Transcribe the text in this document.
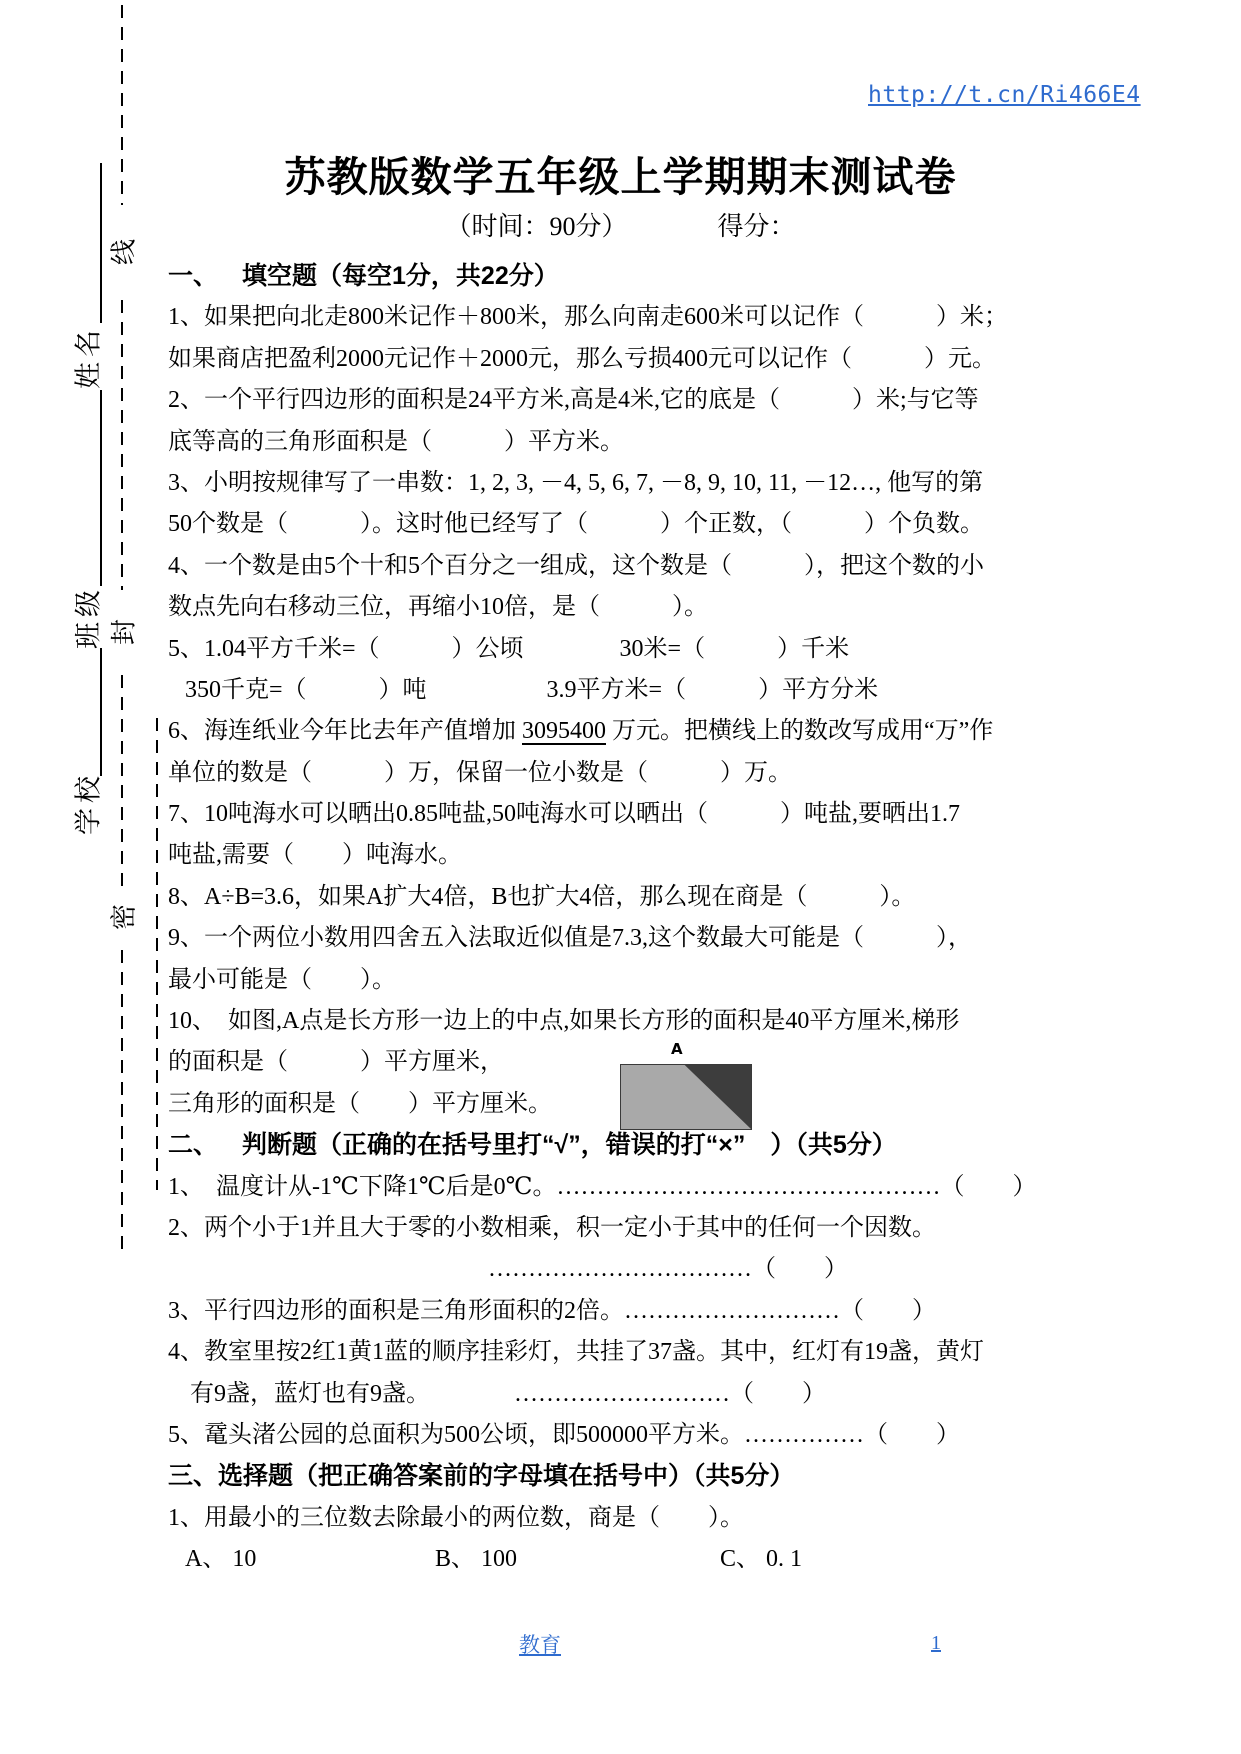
http://t.cn/Ri466E4
苏教版数学五年级上学期期末测试卷
（时间：90分）	得分：
姓名
班级
学校
线
封
密
一、 填空题（每空1分，共22分）
1、如果把向北走800米记作＋800米，那么向南走600米可以记作（　　　）米；
如果商店把盈利2000元记作＋2000元，那么亏损400元可以记作（　　　）元。
2、一个平行四边形的面积是24平方米,高是4米,它的底是（　　　）米;与它等
底等高的三角形面积是（　　　）平方米。
3、小明按规律写了一串数：1, 2, 3, －4, 5, 6, 7, －8, 9, 10, 11, －12…, 他写的第
50个数是（　　　）。这时他已经写了（　　　）个正数，（　　　）个负数。
4、一个数是由5个十和5个百分之一组成，这个数是（　　　），把这个数的小
数点先向右移动三位，再缩小10倍，是（　　　）。
5、1.04平方千米=（　　　）公顷　　　　30米=（　　　）千米
350千克=（　　　）吨　　　　　3.9平方米=（　　　）平方分米
6、海连纸业今年比去年产值增加 3095400 万元。把横线上的数改写成用“万”作
单位的数是（　　　）万，保留一位小数是（　　　）万。
7、10吨海水可以晒出0.85吨盐,50吨海水可以晒出（　　　）吨盐,要晒出1.7
吨盐,需要（　　）吨海水。
8、A÷B=3.6，如果A扩大4倍，B也扩大4倍，那么现在商是（　　　）。
9、一个两位小数用四舍五入法取近似值是7.3,这个数最大可能是（　　　），
最小可能是（　　）。
10、　如图,A点是长方形一边上的中点,如果长方形的面积是40平方厘米,梯形
的面积是（　　　）平方厘米，
三角形的面积是（　　）平方厘米。
二、 判断题（正确的在括号里打“√”，错误的打“×”　）（共5分）
1、　温度计从-1℃下降1℃后是0℃。…………………………………………（　　）
2、两个小于1并且大于零的小数相乘，积一定小于其中的任何一个因数。
……………………………（　　）
3、平行四边形的面积是三角形面积的2倍。………………………（　　）
4、教室里按2红1黄1蓝的顺序挂彩灯，共挂了37盏。其中，红灯有19盏，黄灯
有9盏，蓝灯也有9盏。　　　　………………………（　　）
5、鼋头渚公园的总面积为500公顷，即500000平方米。……………（　　）
三、选择题（把正确答案前的字母填在括号中）（共5分）
1、用最小的三位数去除最小的两位数，商是（　　）。
A、 10	B、 100	C、 0. 1
A
教育	1
